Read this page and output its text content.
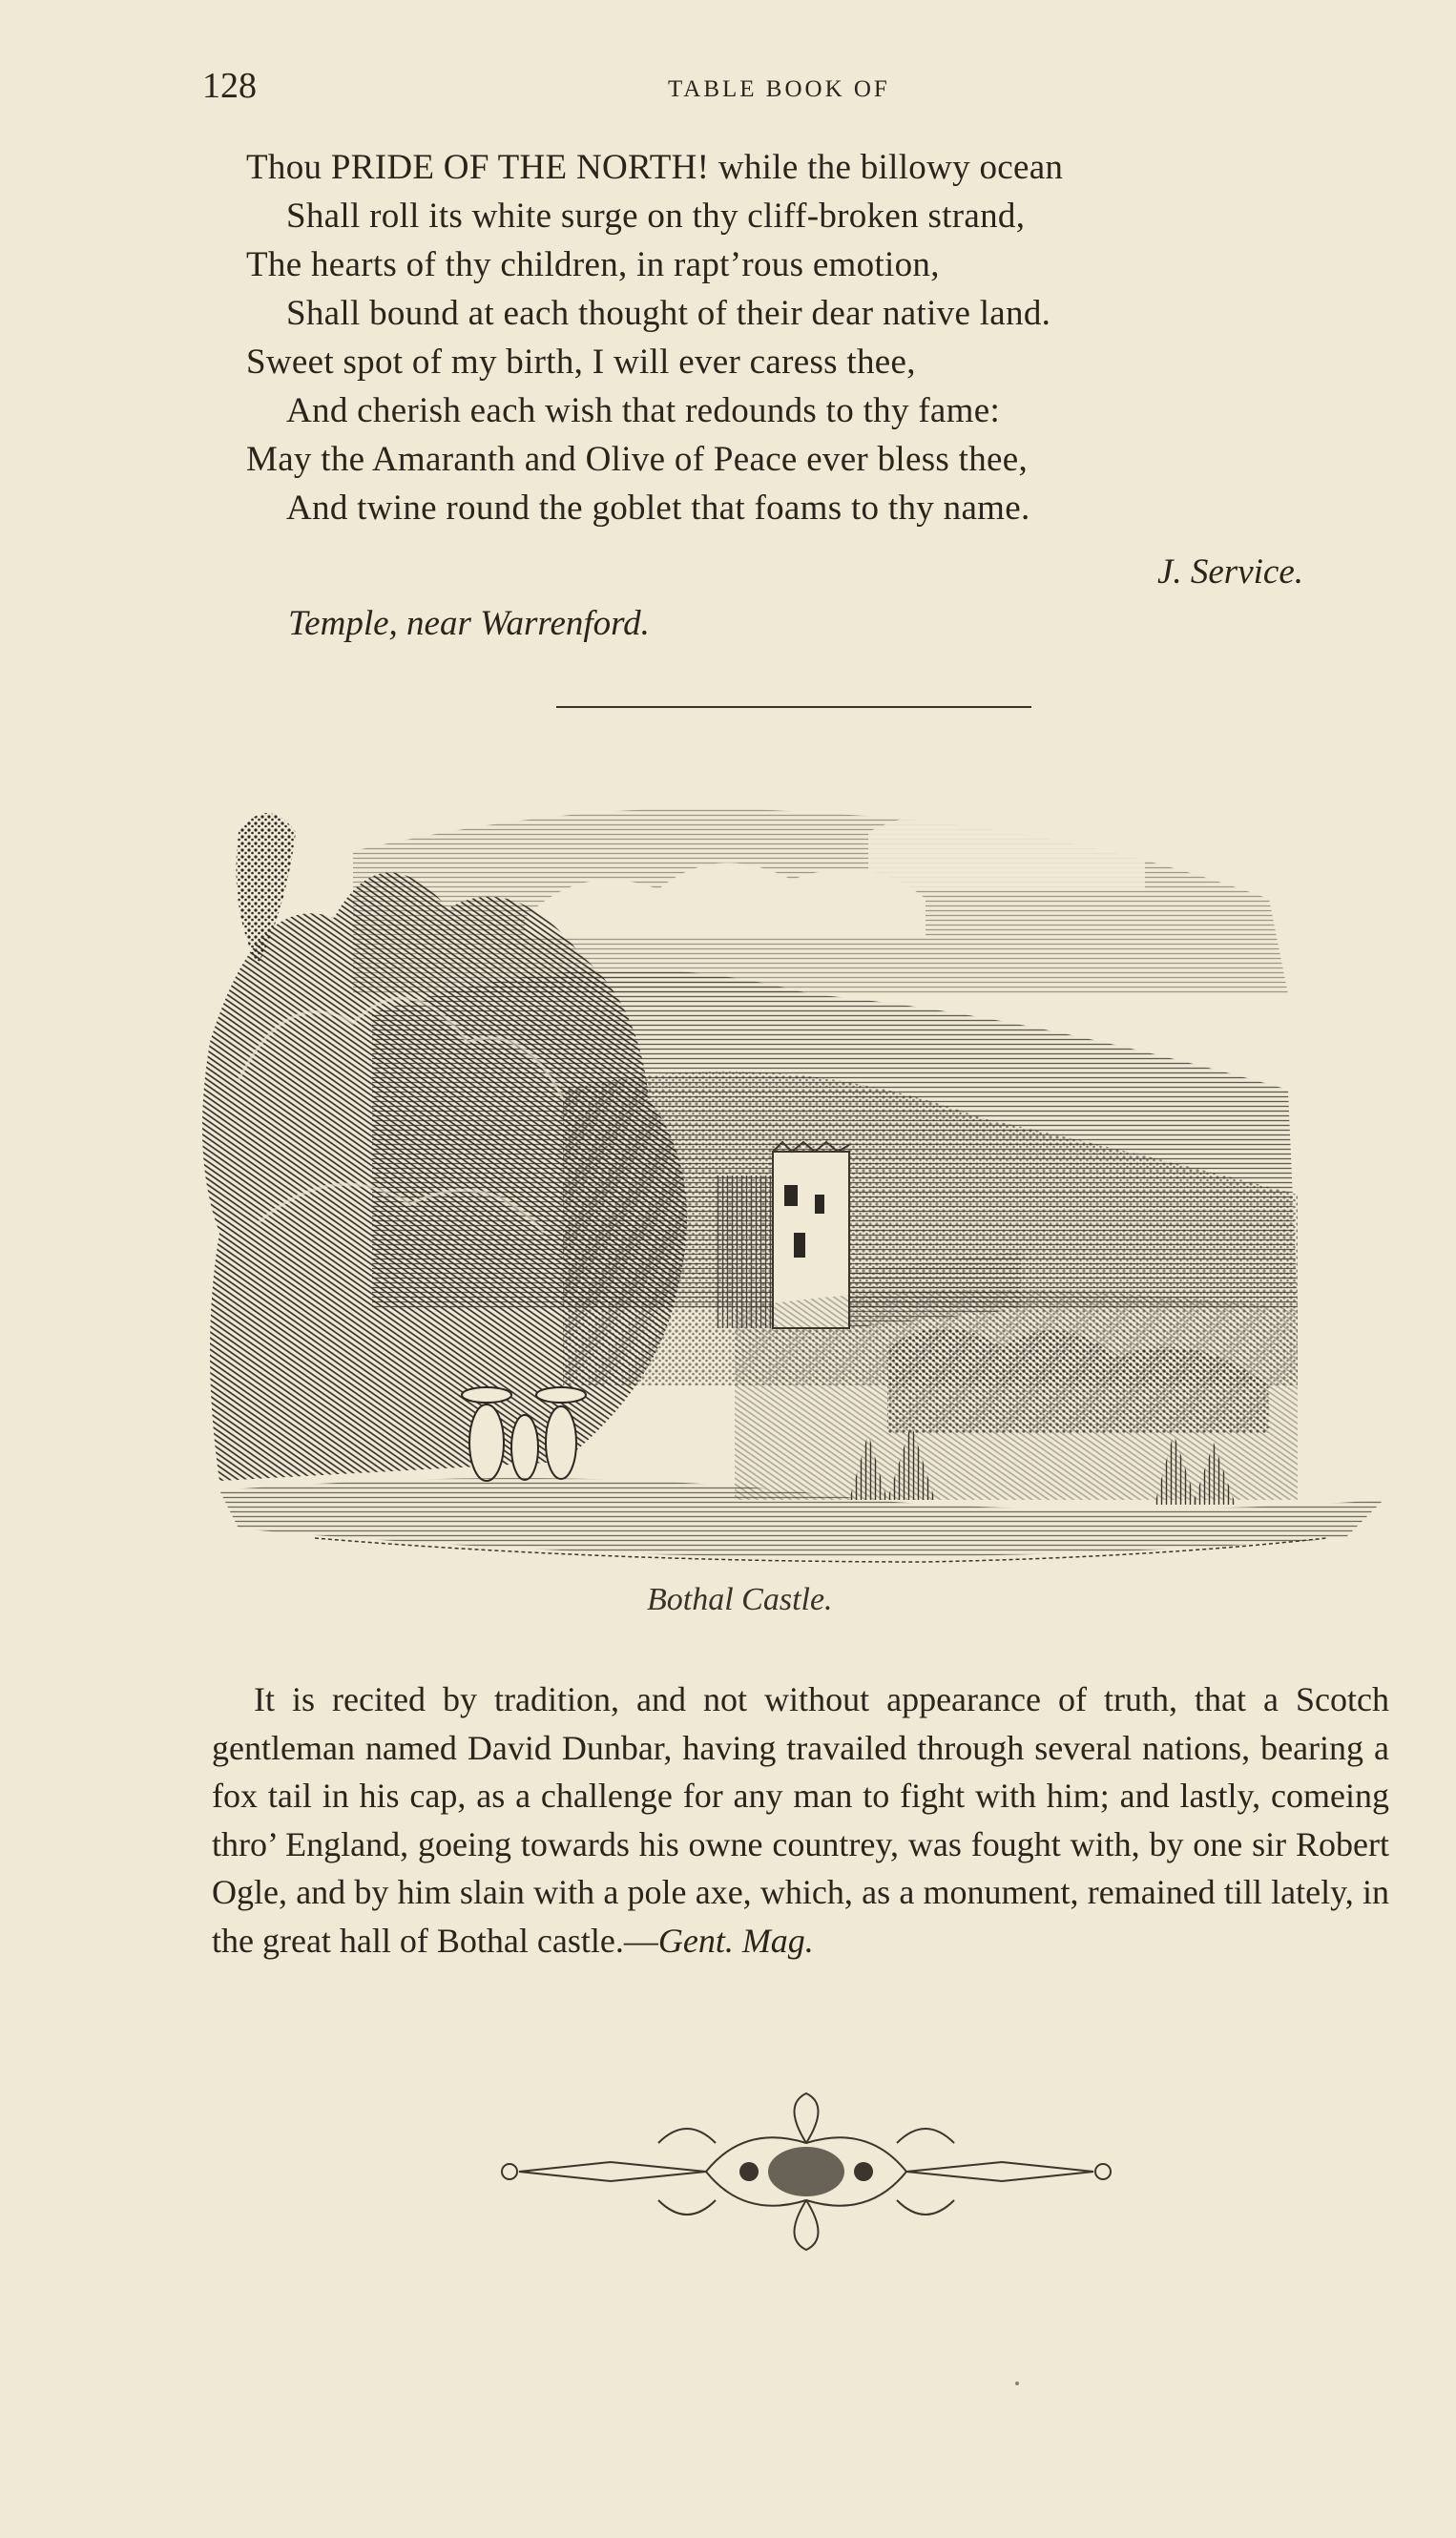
128	TABLE BOOK OF
Thou PRIDE OF THE NORTH! while the billowy ocean
Shall roll its white surge on thy cliff-broken strand,
The hearts of thy children, in rapt’rous emotion,
Shall bound at each thought of their dear native land.
Sweet spot of my birth, I will ever caress thee,
And cherish each wish that redounds to thy fame:
May the Amaranth and Olive of Peace ever bless thee,
And twine round the goblet that foams to thy name.
J. Service.
Temple, near Warrenford.
Bothal Castle.

It is recited by tradition, and not without appearance of truth, that a Scotch gentleman named David Dunbar, having travailed through several nations, bearing a fox tail in his cap, as a challenge for any man to fight with him; and lastly, comeing thro’ England, goeing towards his owne countrey, was fought with, by one sir Robert Ogle, and by him slain with a pole axe, which, as a monument, remained till lately, in the great hall of Bothal castle.—Gent. Mag.
